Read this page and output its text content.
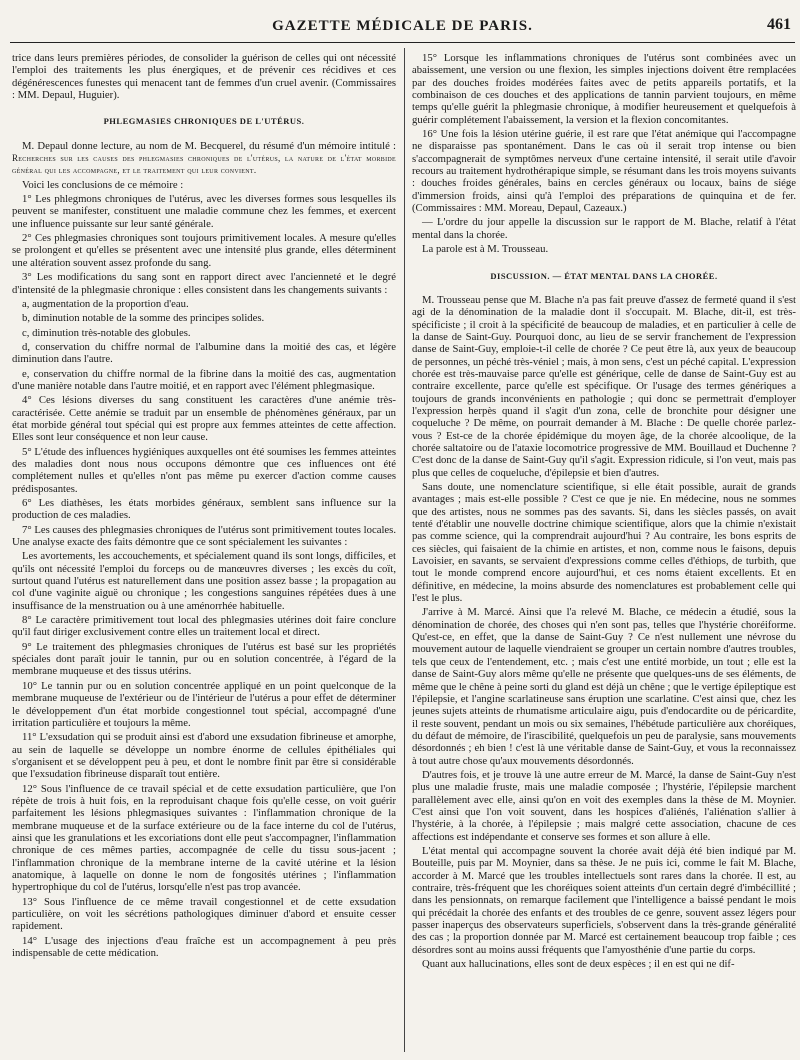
GAZETTE MÉDICALE DE PARIS.	461

trice dans leurs premières périodes, de consolider la guérison de celles qui ont nécessité l'emploi des traitements les plus énergiques, et de prévenir ces récidives et ces dégénérescences funestes qui menacent tant de femmes d'un cruel avenir. (Commissaires : MM. Depaul, Huguier).

PHLEGMASIES CHRONIQUES DE L'UTÉRUS.

M. Depaul donne lecture, au nom de M. Becquerel, du résumé d'un mémoire intitulé : Recherches sur les causes des phlegmasies chroniques de l'utérus, la nature de l'état morbide général qui les accompagne, et le traitement qui leur convient.

Voici les conclusions de ce mémoire :

1° Les phlegmons chroniques de l'utérus, avec les diverses formes sous lesquelles ils peuvent se manifester, constituent une maladie commune chez les femmes, et exercent une influence puissante sur leur santé générale.

2° Ces phlegmasies chroniques sont toujours primitivement locales. A mesure qu'elles se prolongent et qu'elles se présentent avec une intensité plus grande, elles déterminent une altération souvent assez profonde du sang.

3° Les modifications du sang sont en rapport direct avec l'ancienneté et le degré d'intensité de la phlegmasie chronique : elles consistent dans les changements suivants :

a, augmentation de la proportion d'eau.

b, diminution notable de la somme des principes solides.

c, diminution très-notable des globules.

d, conservation du chiffre normal de l'albumine dans la moitié des cas, et légère diminution dans l'autre.

e, conservation du chiffre normal de la fibrine dans la moitié des cas, augmentation d'une manière notable dans l'autre moitié, et en rapport avec l'élément phlegmasique.

4° Ces lésions diverses du sang constituent les caractères d'une anémie très-caractérisée. Cette anémie se traduit par un ensemble de phénomènes généraux, par un état morbide général tout spécial qui est propre aux femmes atteintes de cette affection. Elles sont leur conséquence et non leur cause.

5° L'étude des influences hygiéniques auxquelles ont été soumises les femmes atteintes des maladies dont nous nous occupons démontre que ces influences ont été complétement nulles et qu'elles n'ont pas même pu exercer d'action comme causes prédisposantes.

6° Les diathèses, les états morbides généraux, semblent sans influence sur la production de ces maladies.

7° Les causes des phlegmasies chroniques de l'utérus sont primitivement toutes locales. Une analyse exacte des faits démontre que ce sont spécialement les suivantes :

Les avortements, les accouchements, et spécialement quand ils sont longs, difficiles, et qu'ils ont nécessité l'emploi du forceps ou de manœuvres diverses ; les excès du coït, surtout quand l'utérus est naturellement dans une position assez basse ; la propagation au col d'une vaginite aiguë ou chronique ; les congestions sanguines répétées dues à une insuffisance de la menstruation ou à une aménorrhée habituelle.

8° Le caractère primitivement tout local des phlegmasies utérines doit faire conclure qu'il faut diriger exclusivement contre elles un traitement local et direct.

9° Le traitement des phlegmasies chroniques de l'utérus est basé sur les propriétés spéciales dont paraît jouir le tannin, pur ou en solution concentrée, à l'égard de la membrane muqueuse et des tissus utérins.

10° Le tannin pur ou en solution concentrée appliqué en un point quelconque de la membrane muqueuse de l'extérieur ou de l'intérieur de l'utérus a pour effet de déterminer le développement d'un état morbide congestionnel tout spécial, accompagné d'une irritation particulière et toujours la même.

11° L'exsudation qui se produit ainsi est d'abord une exsudation fibrineuse et amorphe, au sein de laquelle se développe un nombre énorme de cellules épithéliales qui s'organisent et se développent peu à peu, et dont le nombre finit par être si considérable que l'exsudation fibrineuse disparaît tout entière.

12° Sous l'influence de ce travail spécial et de cette exsudation particulière, que l'on répète de trois à huit fois, en la reproduisant chaque fois qu'elle cesse, on voit guérir parfaitement les lésions phlegmasiques suivantes : l'inflammation chronique de la membrane muqueuse et de la surface extérieure ou de la face interne du col de l'utérus, ainsi que les granulations et les excoriations dont elle peut s'accompagner, l'inflammation chronique de ces mêmes parties, accompagnée de celle du tissu sous-jacent ; l'inflammation chronique de la membrane interne de la cavité utérine et la lésion anatomique, à laquelle on donne le nom de fongosités utérines ; l'inflammation hypertrophique du col de l'utérus, lorsqu'elle n'est pas trop avancée.

13° Sous l'influence de ce même travail congestionnel et de cette exsudation particulière, on voit les sécrétions pathologiques diminuer d'abord et ensuite cesser rapidement.

14° L'usage des injections d'eau fraîche est un accompagnement à peu près indispensable de cette médication.

15° Lorsque les inflammations chroniques de l'utérus sont combinées avec un abaissement, une version ou une flexion, les simples injections doivent être remplacées par des douches froides modérées faites avec de petits appareils portatifs, et la combinaison de ces douches et des applications de tannin parvient toujours, en même temps qu'elle guérit la phlegmasie chronique, à modifier heureusement et quelquefois à guérir complétement l'abaissement, la version et la flexion concomitantes.

16° Une fois la lésion utérine guérie, il est rare que l'état anémique qui l'accompagne ne disparaisse pas spontanément. Dans le cas où il serait trop intense ou bien s'accompagnerait de symptômes nerveux d'une certaine intensité, il serait utile d'avoir recours au traitement hydrothérapique simple, se résumant dans les trois moyens suivants : douches froides générales, bains en cercles généraux ou locaux, bains de siége d'immersion froids, ainsi qu'à l'emploi des préparations de quinquina et de fer. (Commissaires : MM. Moreau, Depaul, Cazeaux.)

— L'ordre du jour appelle la discussion sur le rapport de M. Blache, relatif à l'état mental dans la chorée.

La parole est à M. Trousseau.

DISCUSSION. — ÉTAT MENTAL DANS LA CHORÉE.

M. Trousseau pense que M. Blache n'a pas fait preuve d'assez de fermeté quand il s'est agi de la dénomination de la maladie dont il s'occupait. M. Blache, dit-il, est très-spécificiste ; il croit à la spécificité de beaucoup de maladies, et en particulier à celle de la danse de Saint-Guy. Pourquoi donc, au lieu de se servir franchement de l'expression danse de Saint-Guy, emploie-t-il celle de chorée ? Ce peut être là, aux yeux de beaucoup de personnes, un péché très-véniel ; mais, à mon sens, c'est un péché capital. L'expression chorée est très-mauvaise parce qu'elle est générique, celle de danse de Saint-Guy est au contraire excellente, parce qu'elle est spécifique. Or l'usage des termes génériques a toujours de grands inconvénients en pathologie ; qui donc se permettrait d'employer l'expression herpès quand il s'agit d'un zona, celle de bronchite pour désigner une coqueluche ? De même, on pourrait demander à M. Blache : De quelle chorée parlez-vous ? Est-ce de la chorée épidémique du moyen âge, de la chorée alcoolique, de la chorée saltatoire ou de l'ataxie locomotrice progressive de MM. Bouillaud et Duchenne ? C'est donc de la danse de Saint-Guy qu'il s'agit. Expression ridicule, si l'on veut, mais pas plus que celles de coqueluche, d'épilepsie et bien d'autres.

Sans doute, une nomenclature scientifique, si elle était possible, aurait de grands avantages ; mais est-elle possible ? C'est ce que je nie. En médecine, nous ne sommes que des artistes, nous ne sommes pas des savants. Si, dans les siècles passés, on avait tenté d'établir une nouvelle doctrine chimique scientifique, alors que la chimie n'existait pas comme science, qui la comprendrait aujourd'hui ? Au contraire, les bons esprits de ces siècles, qui faisaient de la chimie en artistes, et non, comme nous le faisons, depuis Lavoisier, en savants, se servaient d'expressions comme celles d'éthiops, de turbith, que tout le monde comprend encore aujourd'hui, et ces noms étaient excellents. Et en définitive, en médecine, la moins absurde des nomenclatures est probablement celle qui l'est le plus.

J'arrive à M. Marcé. Ainsi que l'a relevé M. Blache, ce médecin a étudié, sous la dénomination de chorée, des choses qui n'en sont pas, telles que l'hystérie choréiforme. Qu'est-ce, en effet, que la danse de Saint-Guy ? Ce n'est nullement une névrose du mouvement autour de laquelle viendraient se grouper un certain nombre d'autres troubles, tels que ceux de l'entendement, etc. ; mais c'est une entité morbide, un tout ; elle est la danse de Saint-Guy alors même qu'elle ne présente que quelques-uns de ses éléments, de même que le chêne à peine sorti du gland est déjà un chêne ; que le vertige épileptique est l'épilepsie, et l'angine scarlatineuse sans éruption une scarlatine. C'est ainsi que, chez les jeunes sujets atteints de rhumatisme articulaire aigu, puis d'endocardite ou de péricardite, il reste souvent, pendant un mois ou six semaines, l'hébétude particulière aux choréiques, du défaut de mémoire, de l'irascibilité, quelquefois un peu de paralysie, sans mouvements désordonnés ; eh bien ! c'est là une véritable danse de Saint-Guy, et vous la reconnaissez à tout autre chose qu'aux mouvements désordonnés.

D'autres fois, et je trouve là une autre erreur de M. Marcé, la danse de Saint-Guy n'est plus une maladie fruste, mais une maladie composée ; l'hystérie, l'épilepsie marchent parallèlement avec elle, ainsi qu'on en voit des exemples dans la thèse de M. Moynier. C'est ainsi que l'on voit souvent, dans les hospices d'aliénés, l'aliénation s'allier à l'hystérie, à la chorée, à l'épilepsie ; mais malgré cette association, chacune de ces affections est indépendante et conserve ses formes et son allure à elle.

L'état mental qui accompagne souvent la chorée avait déjà été bien indiqué par M. Bouteille, puis par M. Moynier, dans sa thèse. Je ne puis ici, comme le fait M. Blache, accorder à M. Marcé que les troubles intellectuels sont rares dans la chorée. Il est, au contraire, très-fréquent que les choréiques soient atteints d'un certain degré d'imbécillité ; dans les pensionnats, on remarque facilement que l'intelligence a baissé pendant le mois qui précédait la chorée des enfants et des troubles de ce genre, souvent assez légers pour passer inaperçus des observateurs superficiels, s'observent dans la très-grande généralité des cas ; la proportion donnée par M. Marcé est certainement beaucoup trop faible ; ces désordres sont au moins aussi fréquents que l'amyosthénie d'une partie du corps.

Quant aux hallucinations, elles sont de deux espèces ; il en est qui ne dif-
